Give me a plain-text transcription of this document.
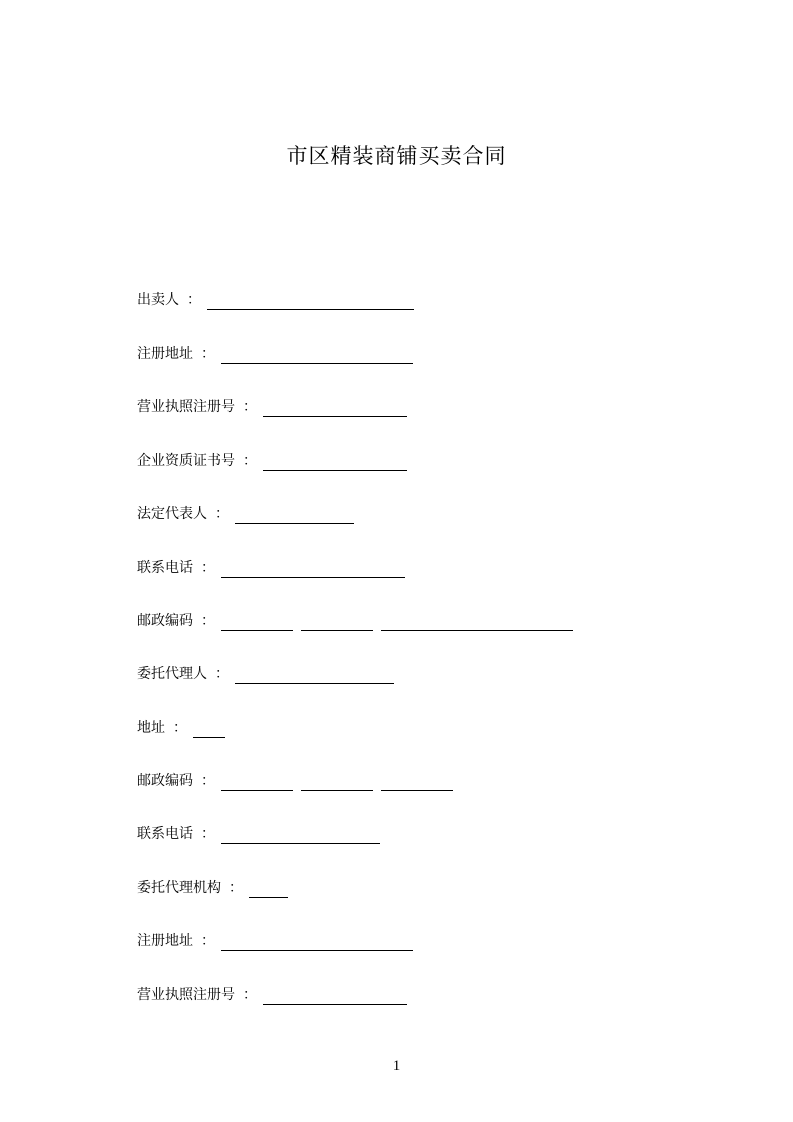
市区精装商铺买卖合同
出卖人 ：
注册地址 ：
营业执照注册号 ：
企业资质证书号 ：
法定代表人 ：
联系电话 ：
邮政编码 ：
委托代理人 ：
地址 ：
邮政编码 ：
联系电话 ：
委托代理机构 ：
注册地址 ：
营业执照注册号 ：
1
